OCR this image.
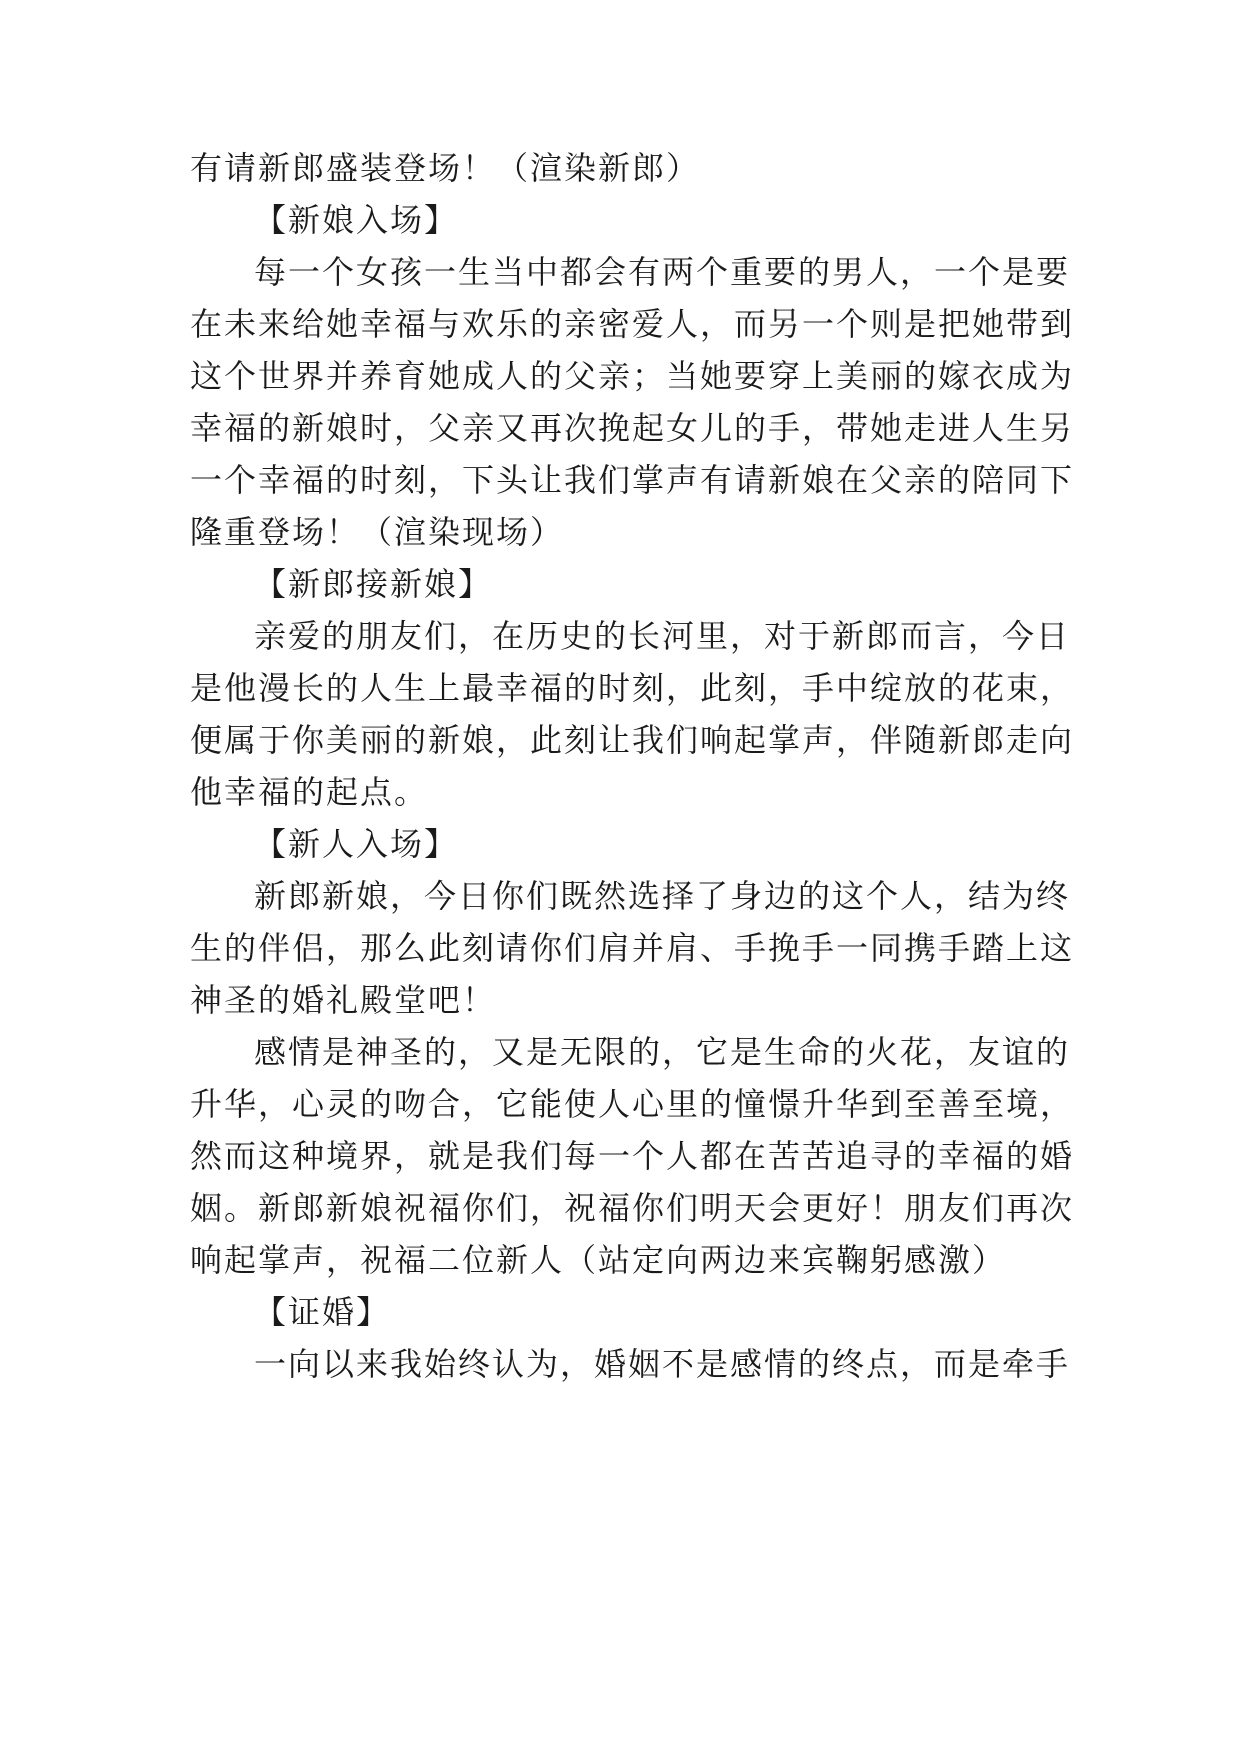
有请新郎盛装登场！（渲染新郎）
【新娘入场】
每一个女孩一生当中都会有两个重要的男人，一个是要
在未来给她幸福与欢乐的亲密爱人，而另一个则是把她带到
这个世界并养育她成人的父亲；当她要穿上美丽的嫁衣成为
幸福的新娘时，父亲又再次挽起女儿的手，带她走进人生另
一个幸福的时刻，下头让我们掌声有请新娘在父亲的陪同下
隆重登场！（渲染现场）
【新郎接新娘】
亲爱的朋友们，在历史的长河里，对于新郎而言，今日
是他漫长的人生上最幸福的时刻，此刻，手中绽放的花束，
便属于你美丽的新娘，此刻让我们响起掌声，伴随新郎走向
他幸福的起点。
【新人入场】
新郎新娘，今日你们既然选择了身边的这个人，结为终
生的伴侣，那么此刻请你们肩并肩、手挽手一同携手踏上这
神圣的婚礼殿堂吧！
感情是神圣的，又是无限的，它是生命的火花，友谊的
升华，心灵的吻合，它能使人心里的憧憬升华到至善至境，
然而这种境界，就是我们每一个人都在苦苦追寻的幸福的婚
姻。新郎新娘祝福你们，祝福你们明天会更好！朋友们再次
响起掌声，祝福二位新人（站定向两边来宾鞠躬感激）
【证婚】
一向以来我始终认为，婚姻不是感情的终点，而是牵手
